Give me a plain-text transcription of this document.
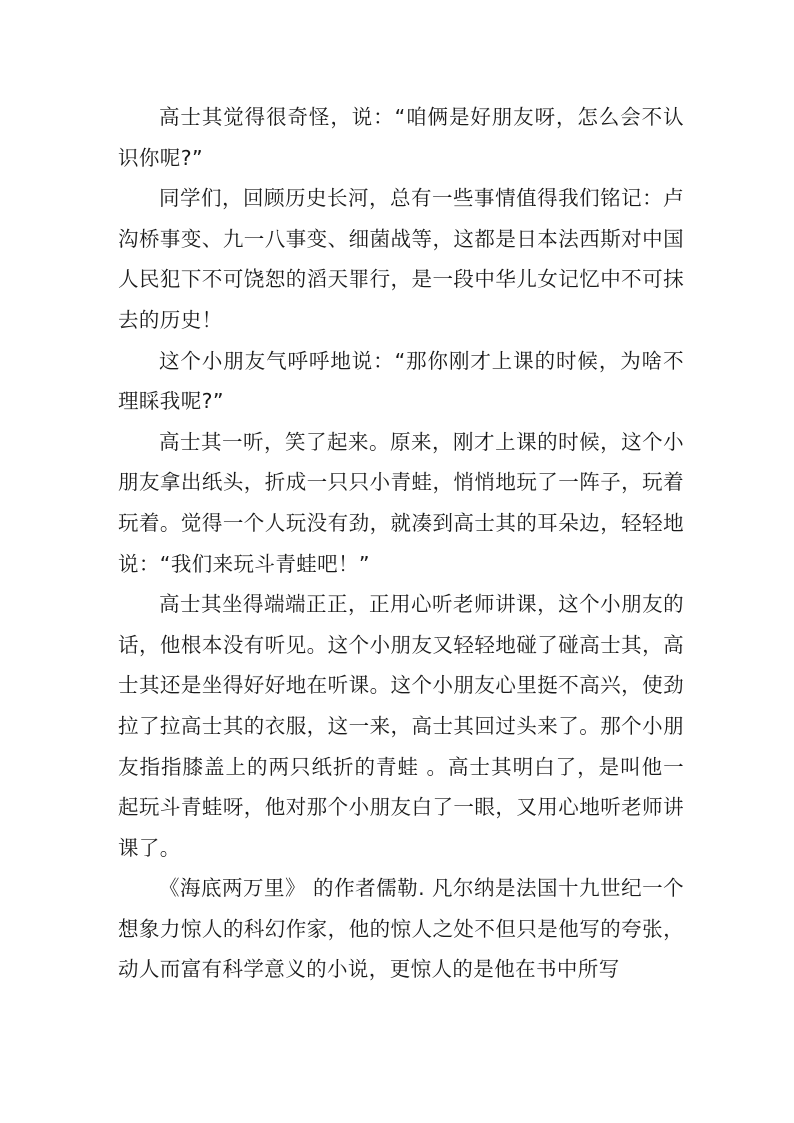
高士其觉得很奇怪，说：“咱俩是好朋友呀，怎么会不认识你呢?”

同学们，回顾历史长河，总有一些事情值得我们铭记：卢沟桥事变、九一八事变、细菌战等，这都是日本法西斯对中国人民犯下不可饶恕的滔天罪行，是一段中华儿女记忆中不可抹去的历史！

这个小朋友气呼呼地说：“那你刚才上课的时候，为啥不理睬我呢?”

高士其一听，笑了起来。原来，刚才上课的时候，这个小朋友拿出纸头，折成一只只小青蛙，悄悄地玩了一阵子，玩着玩着。觉得一个人玩没有劲，就凑到高士其的耳朵边，轻轻地说：“我们来玩斗青蛙吧！”

高士其坐得端端正正，正用心听老师讲课，这个小朋友的话，他根本没有听见。这个小朋友又轻轻地碰了碰高士其，高士其还是坐得好好地在听课。这个小朋友心里挺不高兴，使劲拉了拉高士其的衣服，这一来，高士其回过头来了。那个小朋友指指膝盖上的两只纸折的青蛙 。高士其明白了，是叫他一起玩斗青蛙呀，他对那个小朋友白了一眼，又用心地听老师讲课了。

《海底两万里》 的作者儒勒. 凡尔纳是法国十九世纪一个想象力惊人的科幻作家，他的惊人之处不但只是他写的夸张，动人而富有科学意义的小说，更惊人的是他在书中所写
